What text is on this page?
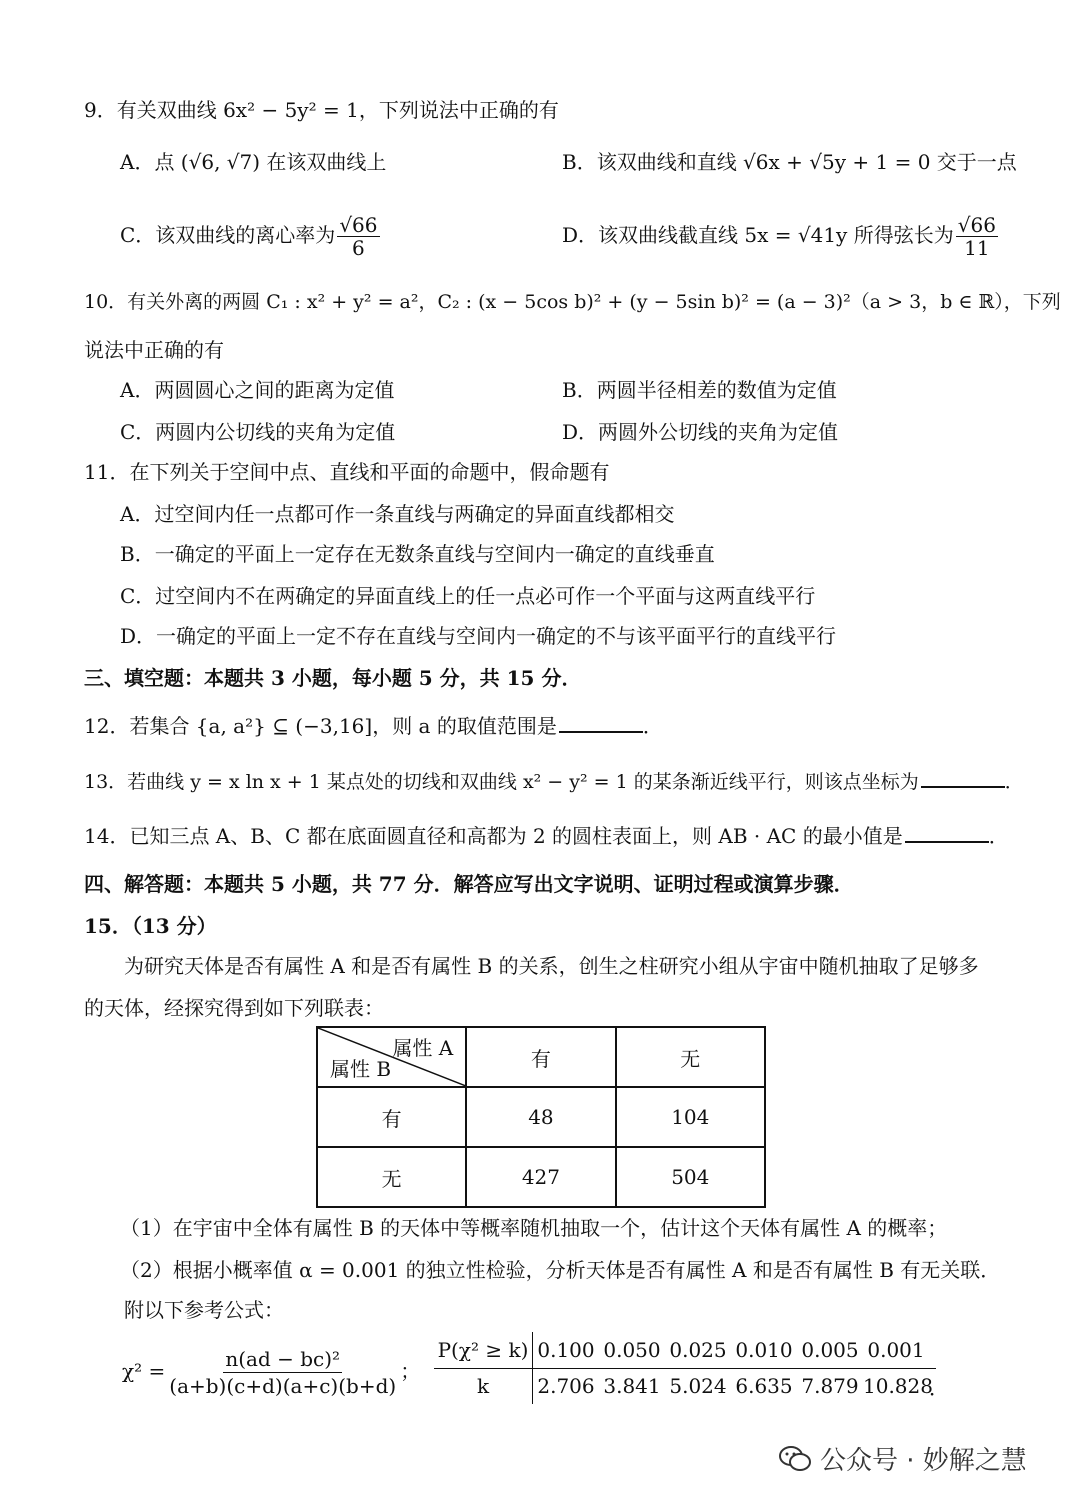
9．有关双曲线 6x² − 5y² = 1，下列说法中正确的有
A．点 (√6, √7) 在该双曲线上	B．该双曲线和直线 √6x + √5y + 1 = 0 交于一点
C．该双曲线的离心率为 $\frac{√66}{6}$	D．该双曲线截直线 5x = √41y 所得弦长为 $\frac{√66}{11}$
10．有关外离的两圆 C₁ : x² + y² = a²，C₂ : (x − 5cos b)² + (y − 5sin b)² = (a − 3)²（a > 3，b ∈ ℝ），下列
说法中正确的有
A．两圆圆心之间的距离为定值	B．两圆半径相差的数值为定值
C．两圆内公切线的夹角为定值	D．两圆外公切线的夹角为定值
11．在下列关于空间中点、直线和平面的命题中，假命题有
A．过空间内任一点都可作一条直线与两确定的异面直线都相交
B．一确定的平面上一定存在无数条直线与空间内一确定的直线垂直
C．过空间内不在两确定的异面直线上的任一点必可作一个平面与这两直线平行
D．一确定的平面上一定不存在直线与空间内一确定的不与该平面平行的直线平行
三、填空题：本题共 3 小题，每小题 5 分，共 15 分．
12．若集合 {a, a²} ⊆ (−3,16]，则 a 的取值范围是	．
13．若曲线 y = x ln x + 1 某点处的切线和双曲线 x² − y² = 1 的某条渐近线平行，则该点坐标为	．
14．已知三点 A、B、C 都在底面圆直径和高都为 2 的圆柱表面上，则 AB · AC 的最小值是	．
四、解答题：本题共 5 小题，共 77 分．解答应写出文字说明、证明过程或演算步骤．
15．（13 分）
为研究天体是否有属性 A 和是否有属性 B 的关系，创生之柱研究小组从宇宙中随机抽取了足够多
的天体，经探究得到如下列联表：
属性 A
属性 B	有	无
有	48	104
无	427	504
（1）在宇宙中全体有属性 B 的天体中等概率随机抽取一个，估计这个天体有属性 A 的概率；
（2）根据小概率值 α = 0.001 的独立性检验，分析天体是否有属性 A 和是否有属性 B 有无关联．
附以下参考公式：
$\chi^2 = \frac{\text{n(ad − bc)²}}{(a+b)(c+d)(a+c)(b+d)}$ ；
P(χ² ≥ k) 0.100 0.050 0.025 0.010 0.005 0.001
k	2.706 3.841 5.024 6.635 7.879 10.828
．
公众号 · 妙解之慧
